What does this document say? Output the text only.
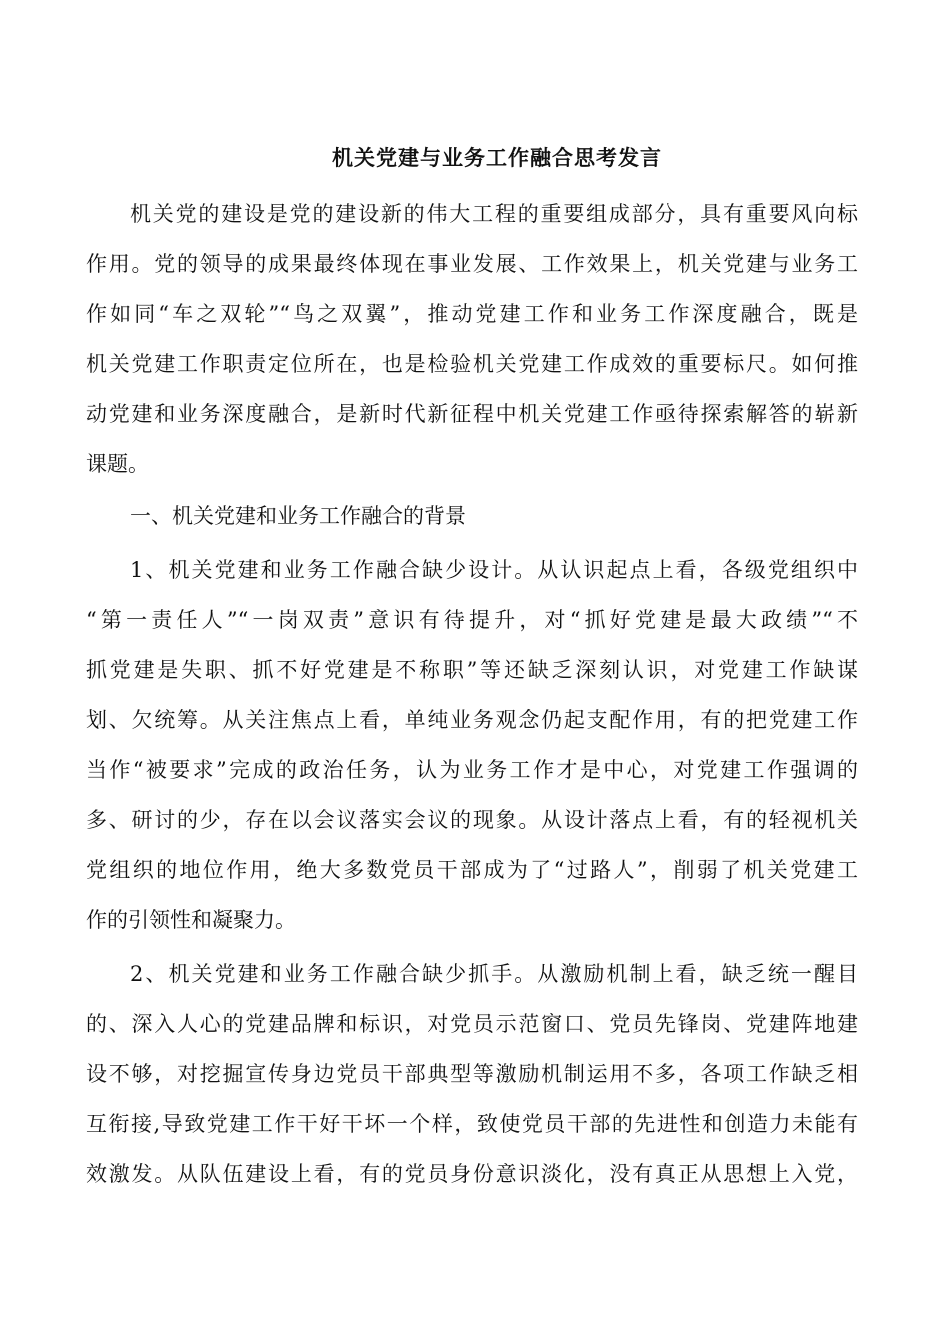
机关党建与业务工作融合思考发言
机关党的建设是党的建设新的伟大工程的重要组成部分，具有重要风向标
作用。党的领导的成果最终体现在事业发展、工作效果上，机关党建与业务工
作如同“车之双轮”“鸟之双翼”，推动党建工作和业务工作深度融合，既是
机关党建工作职责定位所在，也是检验机关党建工作成效的重要标尺。如何推
动党建和业务深度融合，是新时代新征程中机关党建工作亟待探索解答的崭新
课题。
一、机关党建和业务工作融合的背景
1、机关党建和业务工作融合缺少设计。从认识起点上看，各级党组织中
“第一责任人”“一岗双责”意识有待提升，对“抓好党建是最大政绩”“不
抓党建是失职、抓不好党建是不称职”等还缺乏深刻认识，对党建工作缺谋
划、欠统筹。从关注焦点上看，单纯业务观念仍起支配作用，有的把党建工作
当作“被要求”完成的政治任务，认为业务工作才是中心，对党建工作强调的
多、研讨的少，存在以会议落实会议的现象。从设计落点上看，有的轻视机关
党组织的地位作用，绝大多数党员干部成为了“过路人”，削弱了机关党建工
作的引领性和凝聚力。
2、机关党建和业务工作融合缺少抓手。从激励机制上看，缺乏统一醒目
的、深入人心的党建品牌和标识，对党员示范窗口、党员先锋岗、党建阵地建
设不够，对挖掘宣传身边党员干部典型等激励机制运用不多，各项工作缺乏相
互衔接,导致党建工作干好干坏一个样，致使党员干部的先进性和创造力未能有
效激发。从队伍建设上看，有的党员身份意识淡化，没有真正从思想上入党，
